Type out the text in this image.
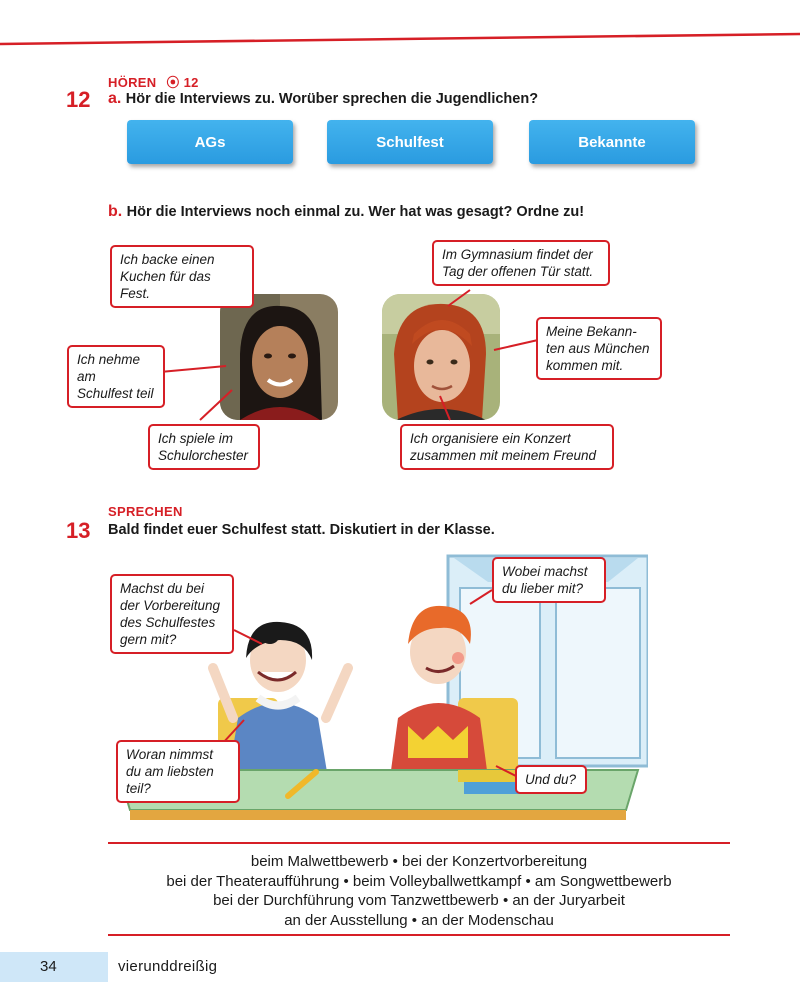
HÖREN ⦿ 12
12 a. Hör die Interviews zu. Worüber sprechen die Jugendlichen?
AGs	Schulfest	Bekannte
b. Hör die Interviews noch einmal zu. Wer hat was gesagt? Ordne zu!
Ich backe einen Kuchen für das Fest.
Ich nehme am Schulfest teil
Ich spiele im Schulorchester
Im Gymnasium findet der Tag der offenen Tür statt.
Meine Bekann-ten aus München kommen mit.
Ich organisiere ein Konzert zusammen mit meinem Freund
SPRECHEN
13 Bald findet euer Schulfest statt. Diskutiert in der Klasse.
Machst du bei der Vorbereitung des Schulfestes gern mit?
Wobei machst du lieber mit?
Woran nimmst du am liebsten teil?
Und du?
beim Malwettbewerb • bei der Konzertvorbereitung
bei der Theateraufführung • beim Volleyballwettkampf • am Songwettbewerb
bei der Durchführung vom Tanzwettbewerb • an der Juryarbeit
an der Ausstellung • an der Modenschau
34	vierunddreißig
